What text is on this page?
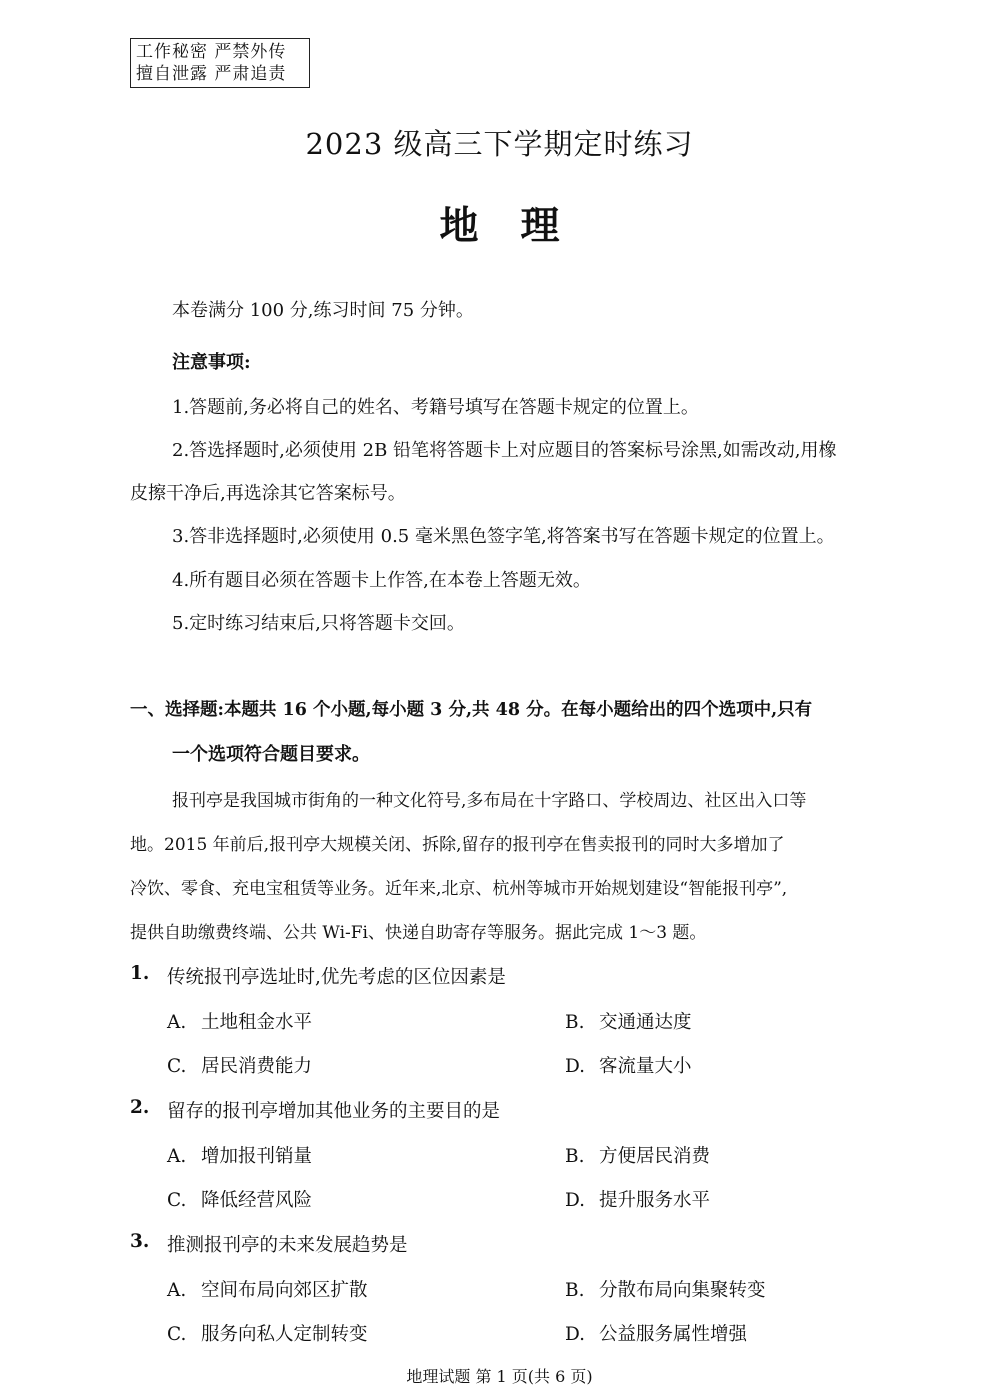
工作秘密 严禁外传
擅自泄露 严肃追责
2023 级高三下学期定时练习
地理
本卷满分 100 分,练习时间 75 分钟。
注意事项:
1.答题前,务必将自己的姓名、考籍号填写在答题卡规定的位置上。
2.答选择题时,必须使用 2B 铅笔将答题卡上对应题目的答案标号涂黑,如需改动,用橡
皮擦干净后,再选涂其它答案标号。
3.答非选择题时,必须使用 0.5 毫米黑色签字笔,将答案书写在答题卡规定的位置上。
4.所有题目必须在答题卡上作答,在本卷上答题无效。
5.定时练习结束后,只将答题卡交回。
一、选择题:本题共 16 个小题,每小题 3 分,共 48 分。在每小题给出的四个选项中,只有
一个选项符合题目要求。
报刊亭是我国城市街角的一种文化符号,多布局在十字路口、学校周边、社区出入口等
地。2015 年前后,报刊亭大规模关闭、拆除,留存的报刊亭在售卖报刊的同时大多增加了
冷饮、零食、充电宝租赁等业务。近年来,北京、杭州等城市开始规划建设“智能报刊亭”,
提供自助缴费终端、公共 Wi-Fi、快递自助寄存等服务。据此完成 1～3 题。
1. 传统报刊亭选址时,优先考虑的区位因素是
A. 土地租金水平	B. 交通通达度
C. 居民消费能力	D. 客流量大小
2. 留存的报刊亭增加其他业务的主要目的是
A. 增加报刊销量	B. 方便居民消费
C. 降低经营风险	D. 提升服务水平
3. 推测报刊亭的未来发展趋势是
A. 空间布局向郊区扩散	B. 分散布局向集聚转变
C. 服务向私人定制转变	D. 公益服务属性增强
地理试题 第 1 页(共 6 页)
